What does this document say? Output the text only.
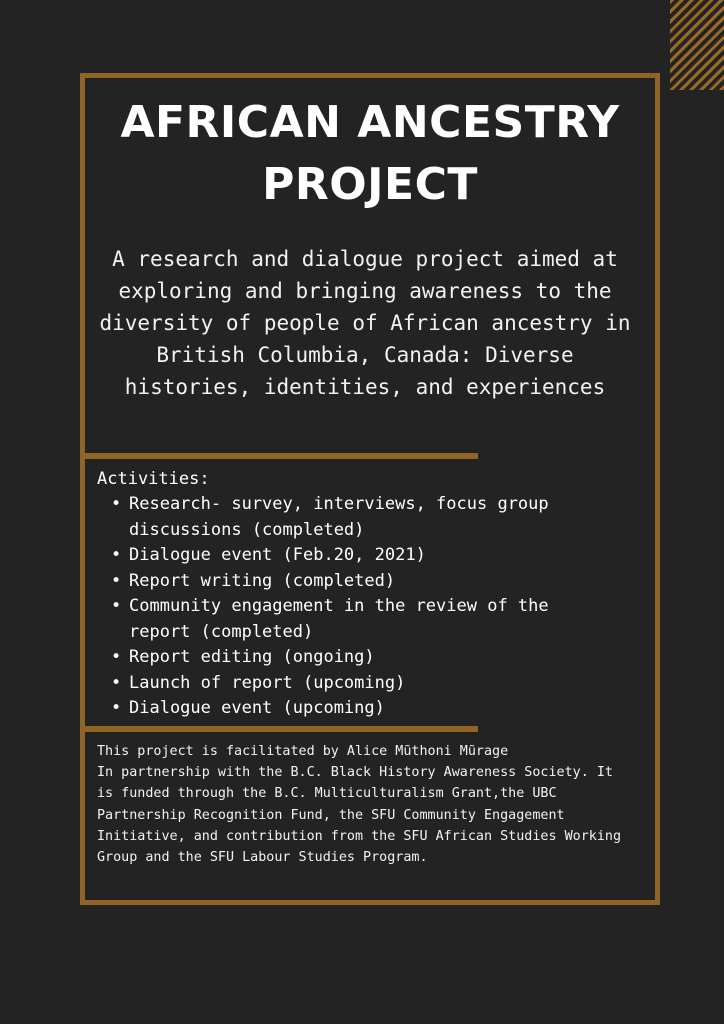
AFRICAN ANCESTRY PROJECT

A research and dialogue project aimed at exploring and bringing awareness to the diversity of people of African ancestry in British Columbia, Canada: Diverse histories, identities, and experiences

Activities:

• Research- survey, interviews, focus group discussions (completed)
• Dialogue event (Feb.20, 2021)
• Report writing (completed)
• Community engagement in the review of the report (completed)
• Report editing (ongoing)
• Launch of report (upcoming)
• Dialogue event (upcoming)

This project is facilitated by Alice Mũthoni Mũrage
In partnership with the B.C. Black History Awareness Society. It is funded through the B.C. Multiculturalism Grant,the UBC Partnership Recognition Fund, the SFU Community Engagement Initiative, and contribution from the SFU African Studies Working Group and the SFU Labour Studies Program.
